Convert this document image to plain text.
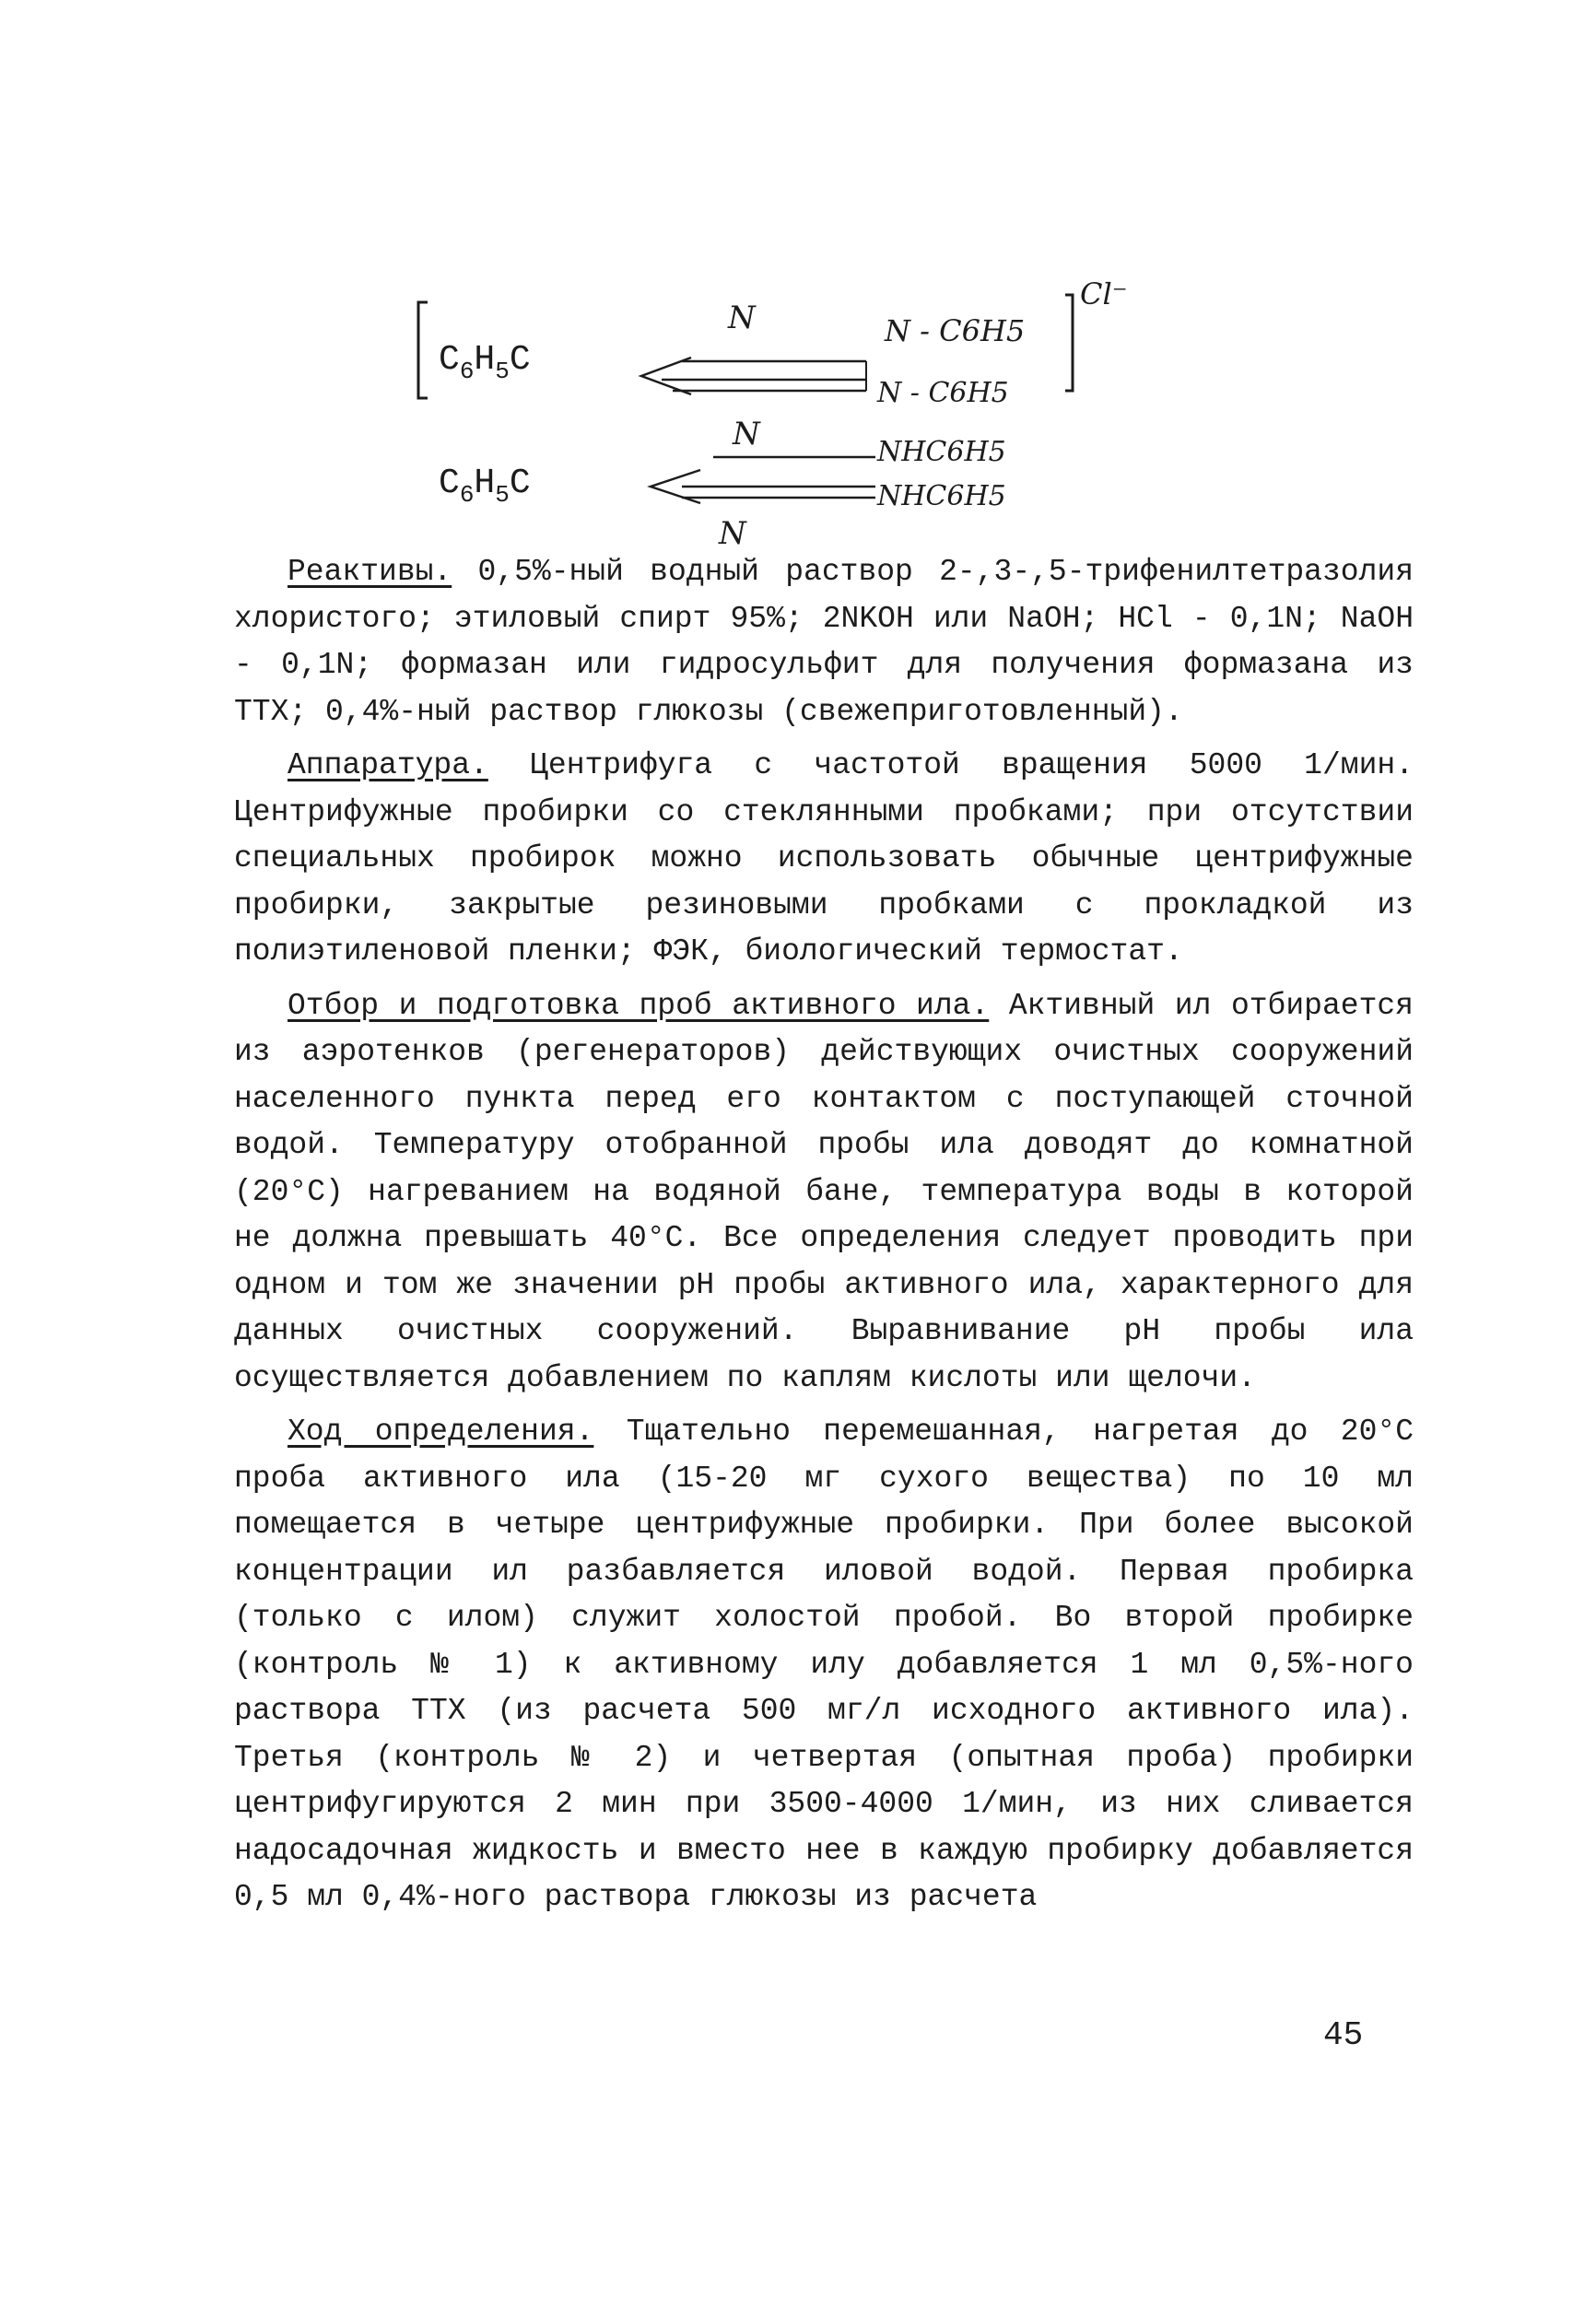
$C_6H_5C$
$C_6H_5C$
N
N
N
N - C6H5
N - C6H5
NHC6H5
NHC6H5
Cl⁻

Реактивы. 0,5%-ный водный раствор 2-,3-,5-трифенилтетразолия хлористого; этиловый спирт 95%; 2NKOH или NaOH; HCl - 0,1N; NaOH - 0,1N; формазан или гидросульфит для получения формазана из ТТХ; 0,4%-ный раствор глюкозы (свежеприготовленный).

Аппаратура. Центрифуга с частотой вращения 5000 1/мин. Центрифужные пробирки со стеклянными пробками; при отсутствии специальных пробирок можно использовать обычные центрифужные пробирки, закрытые резиновыми пробками с прокладкой из полиэтиленовой пленки; ФЭК, биологический термостат.

Отбор и подготовка проб активного ила. Активный ил отбирается из аэротенков (регенераторов) действующих очистных сооружений населенного пункта перед его контактом с поступающей сточной водой. Температуру отобранной пробы ила доводят до комнатной (20°С) нагреванием на водяной бане, температура воды в которой не должна превышать 40°С. Все определения следует проводить при одном и том же значении pH пробы активного ила, характерного для данных очистных сооружений. Выравнивание pH пробы ила осуществляется добавлением по каплям кислоты или щелочи.

Ход определения. Тщательно перемешанная, нагретая до 20°С проба активного ила (15-20 мг сухого вещества) по 10 мл помещается в четыре центрифужные пробирки. При более высокой концентрации ил разбавляется иловой водой. Первая пробирка (только с илом) служит холостой пробой. Во второй пробирке (контроль № 1) к активному илу добавляется 1 мл 0,5%-ного раствора ТТХ (из расчета 500 мг/л исходного активного ила). Третья (контроль № 2) и четвертая (опытная проба) пробирки центрифугируются 2 мин при 3500-4000 1/мин, из них сливается надосадочная жидкость и вместо нее в каждую пробирку добавляется 0,5 мл 0,4%-ного раствора глюкозы из расчета

45
